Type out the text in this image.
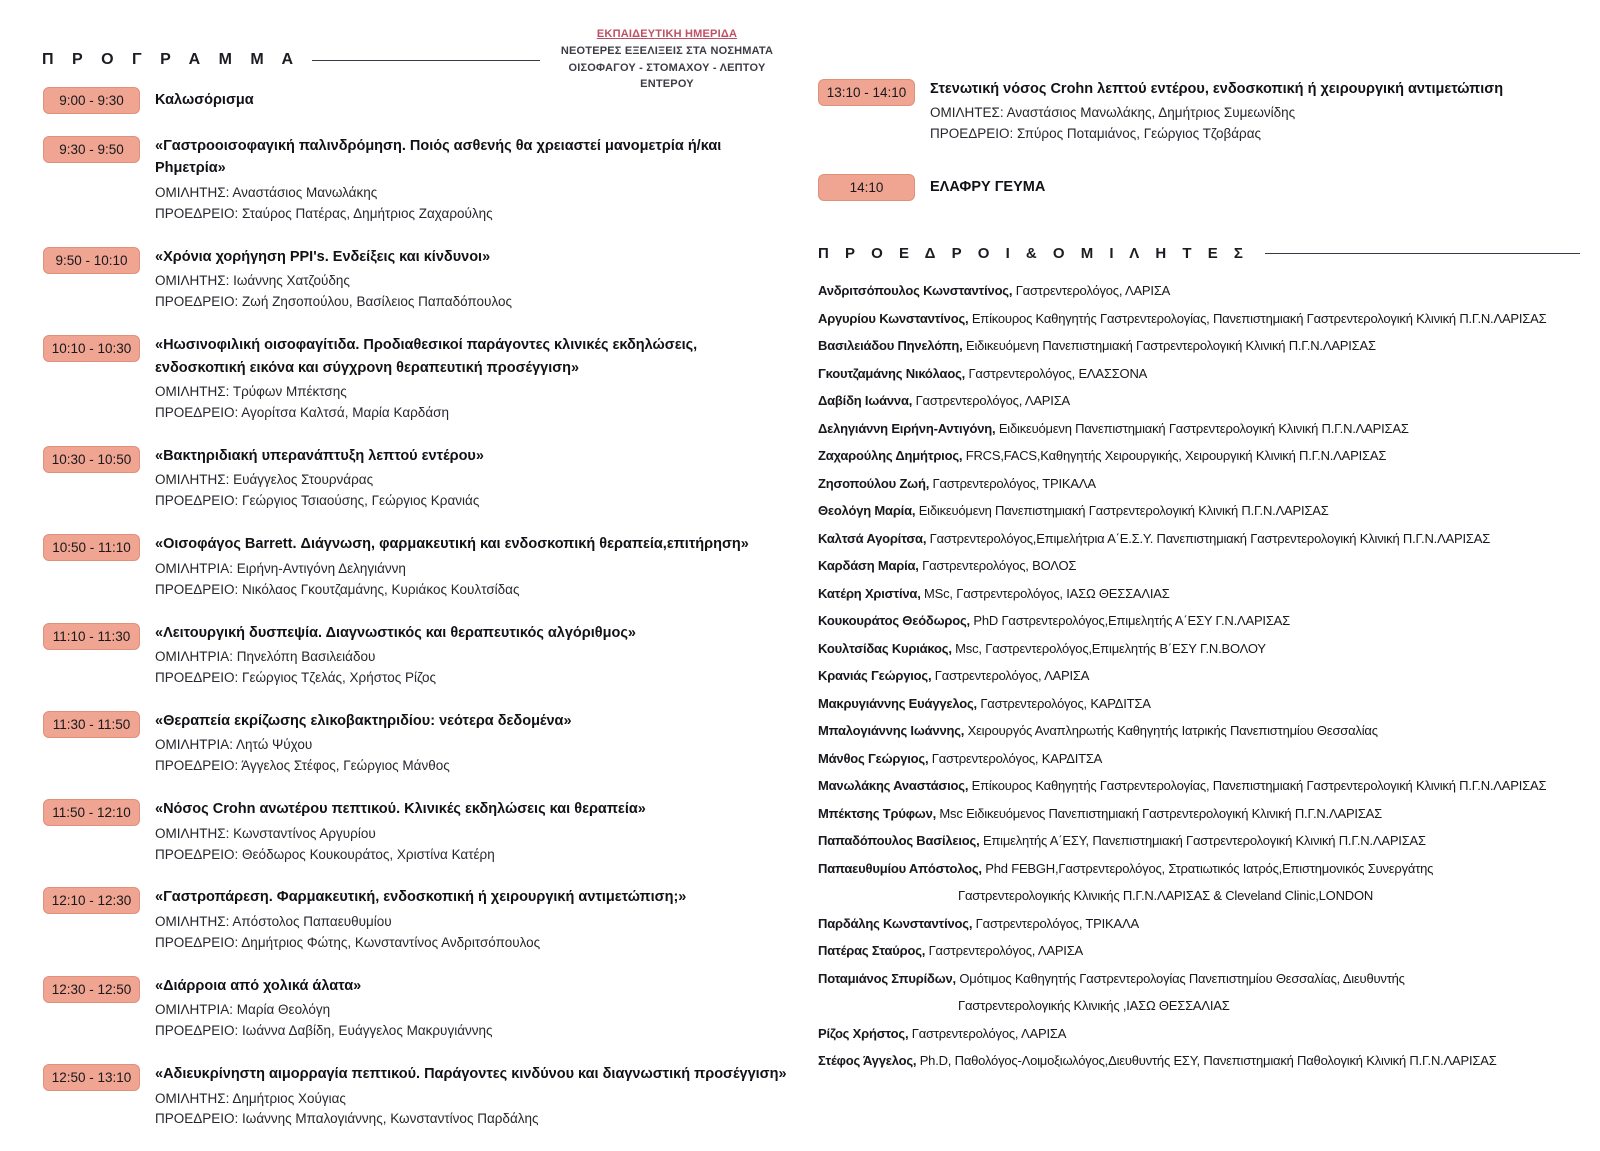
Π Ρ Ο Γ Ρ Α Μ Μ Α
ΕΚΠΑΙΔΕΥΤΙΚΗ ΗΜΕΡΙΔΑ
ΝΕΟΤΕΡΕΣ ΕΞΕΛΙΞΕΙΣ ΣΤΑ ΝΟΣΗΜΑΤΑ
ΟΙΣΟΦΑΓΟΥ - ΣΤΟΜΑΧΟΥ - ΛΕΠΤΟΥ ΕΝΤΕΡΟΥ
9:00 - 9:30	Καλωσόρισμα
9:30 - 9:50	«Γαστροοισοφαγική παλινδρόμηση. Ποιός ασθενής θα χρειαστεί μανομετρία ή/και Ρhμετρία»
ΟΜΙΛΗΤΗΣ: Αναστάσιος Μανωλάκης
ΠΡΟΕΔΡΕΙΟ: Σταύρος Πατέρας, Δημήτριος Ζαχαρούλης
9:50 - 10:10	«Χρόνια χορήγηση PPI's. Ενδείξεις και κίνδυνοι»
ΟΜΙΛΗΤΗΣ: Ιωάννης Χατζούδης
ΠΡΟΕΔΡΕΙΟ: Ζωή Ζησοπούλου, Βασίλειος Παπαδόπουλος
10:10 - 10:30	«Ηωσινοφιλική οισοφαγίτιδα. Προδιαθεσικοί παράγοντες κλινικές εκδηλώσεις, ενδοσκοπική εικόνα και σύγχρονη θεραπευτική προσέγγιση»
ΟΜΙΛΗΤΗΣ: Τρύφων Μπέκτσης
ΠΡΟΕΔΡΕΙΟ: Αγορίτσα Καλτσά, Μαρία Καρδάση
10:30 - 10:50	«Βακτηριδιακή υπερανάπτυξη λεπτού εντέρου»
ΟΜΙΛΗΤΗΣ: Ευάγγελος Στουρνάρας
ΠΡΟΕΔΡΕΙΟ: Γεώργιος Τσιαούσης, Γεώργιος Κρανιάς
10:50 - 11:10	«Οισοφάγος Barrett. Διάγνωση, φαρμακευτική και ενδοσκοπική θεραπεία,επιτήρηση»
ΟΜΙΛΗΤΡΙΑ: Ειρήνη-Αντιγόνη Δεληγιάννη
ΠΡΟΕΔΡΕΙΟ: Νικόλαος Γκουτζαμάνης, Κυριάκος Κουλτσίδας
11:10 - 11:30	«Λειτουργική δυσπεψία. Διαγνωστικός και θεραπευτικός αλγόριθμος»
ΟΜΙΛΗΤΡΙΑ: Πηνελόπη Βασιλειάδου
ΠΡΟΕΔΡΕΙΟ: Γεώργιος Τζελάς, Χρήστος Ρίζος
11:30 - 11:50	«Θεραπεία εκρίζωσης ελικοβακτηριδίου: νεότερα δεδομένα»
ΟΜΙΛΗΤΡΙΑ: Λητώ Ψύχου
ΠΡΟΕΔΡΕΙΟ: Άγγελος Στέφος, Γεώργιος Μάνθος
11:50 - 12:10	«Νόσος Crohn ανωτέρου πεπτικού. Κλινικές εκδηλώσεις και θεραπεία»
ΟΜΙΛΗΤΗΣ: Κωνσταντίνος Αργυρίου
ΠΡΟΕΔΡΕΙΟ: Θεόδωρος Κουκουράτος, Χριστίνα Κατέρη
12:10 - 12:30	«Γαστροπάρεση. Φαρμακευτική, ενδοσκοπική ή χειρουργική αντιμετώπιση;»
ΟΜΙΛΗΤΗΣ: Απόστολος Παπαευθυμίου
ΠΡΟΕΔΡΕΙΟ: Δημήτριος Φώτης, Κωνσταντίνος Ανδριτσόπουλος
12:30 - 12:50	«Διάρροια από χολικά άλατα»
ΟΜΙΛΗΤΡΙΑ: Μαρία Θεολόγη
ΠΡΟΕΔΡΕΙΟ: Ιωάννα Δαβίδη, Ευάγγελος Μακρυγιάννης
12:50 - 13:10	«Αδιευκρίνηστη αιμορραγία πεπτικού. Παράγοντες κινδύνου και διαγνωστική προσέγγιση»
ΟΜΙΛΗΤΗΣ: Δημήτριος Χούγιας
ΠΡΟΕΔΡΕΙΟ: Ιωάννης Μπαλογιάννης, Κωνσταντίνος Παρδάλης
13:10 - 14:10	Στενωτική νόσος Crohn λεπτού εντέρου, ενδοσκοπική ή χειρουργική αντιμετώπιση
ΟΜΙΛΗΤΕΣ: Αναστάσιος Μανωλάκης, Δημήτριος Συμεωνίδης
ΠΡΟΕΔΡΕΙΟ: Σπύρος Ποταμιάνος, Γεώργιος Τζοβάρας
14:10	ΕΛΑΦΡΥ ΓΕΥΜΑ
Π Ρ Ο Ε Δ Ρ Ο Ι & Ο Μ Ι Λ Η Τ Ε Σ
Ανδριτσόπουλος Κωνσταντίνος, Γαστρεντερολόγος, ΛΑΡΙΣΑ
Αργυρίου Κωνσταντίνος, Επίκουρος Καθηγητής Γαστρεντερολογίας, Πανεπιστημιακή Γαστρεντερολογική Κλινική Π.Γ.Ν.ΛΑΡΙΣΑΣ
Βασιλειάδου Πηνελόπη, Ειδικευόμενη Πανεπιστημιακή Γαστρεντερολογική Κλινική Π.Γ.Ν.ΛΑΡΙΣΑΣ
Γκουτζαμάνης Νικόλαος, Γαστρεντερολόγος, ΕΛΑΣΣΟΝΑ
Δαβίδη Ιωάννα, Γαστρεντερολόγος, ΛΑΡΙΣΑ
Δεληγιάννη Ειρήνη-Αντιγόνη, Ειδικευόμενη Πανεπιστημιακή Γαστρεντερολογική Κλινική Π.Γ.Ν.ΛΑΡΙΣΑΣ
Ζαχαρούλης Δημήτριος, FRCS,FACS,Καθηγητής Χειρουργικής, Χειρουργική Κλινική Π.Γ.Ν.ΛΑΡΙΣΑΣ
Ζησοπούλου Ζωή, Γαστρεντερολόγος, ΤΡΙΚΑΛΑ
Θεολόγη Μαρία, Ειδικευόμενη Πανεπιστημιακή Γαστρεντερολογική Κλινική Π.Γ.Ν.ΛΑΡΙΣΑΣ
Καλτσά Αγορίτσα, Γαστρεντερολόγος,Επιμελήτρια Α΄Ε.Σ.Υ. Πανεπιστημιακή Γαστρεντερολογική Κλινική Π.Γ.Ν.ΛΑΡΙΣΑΣ
Καρδάση Μαρία, Γαστρεντερολόγος, ΒΟΛΟΣ
Κατέρη Χριστίνα, MSc, Γαστρεντερολόγος, ΙΑΣΩ ΘΕΣΣΑΛΙΑΣ
Κουκουράτος Θεόδωρος, PhD Γαστρεντερολόγος,Επιμελητής Α΄ΕΣΥ Γ.Ν.ΛΑΡΙΣΑΣ
Κουλτσίδας Κυριάκος, Msc, Γαστρεντερολόγος,Επιμελητής Β΄ΕΣΥ Γ.Ν.ΒΟΛΟΥ
Κρανιάς Γεώργιος, Γαστρεντερολόγος, ΛΑΡΙΣΑ
Μακρυγιάννης Ευάγγελος, Γαστρεντερολόγος, ΚΑΡΔΙΤΣΑ
Μπαλογιάννης Ιωάννης, Χειρουργός Αναπληρωτής Καθηγητής Ιατρικής Πανεπιστημίου Θεσσαλίας
Μάνθος Γεώργιος, Γαστρεντερολόγος, ΚΑΡΔΙΤΣΑ
Μανωλάκης Αναστάσιος, Επίκουρος Καθηγητής Γαστρεντερολογίας, Πανεπιστημιακή Γαστρεντερολογική Κλινική Π.Γ.Ν.ΛΑΡΙΣΑΣ
Μπέκτσης Τρύφων, Msc Ειδικευόμενος Πανεπιστημιακή Γαστρεντερολογική Κλινική Π.Γ.Ν.ΛΑΡΙΣΑΣ
Παπαδόπουλος Βασίλειος, Επιμελητής Α΄ΕΣΥ, Πανεπιστημιακή Γαστρεντερολογική Κλινική Π.Γ.Ν.ΛΑΡΙΣΑΣ
Παπαευθυμίου Απόστολος, Phd FEBGH,Γαστρεντερολόγος, Στρατιωτικός Ιατρός,Επιστημονικός Συνεργάτης
Γαστρεντερολογικής Κλινικής Π.Γ.Ν.ΛΑΡΙΣΑΣ & Cleveland Clinic,LONDON
Παρδάλης Κωνσταντίνος, Γαστρεντερολόγος, ΤΡΙΚΑΛΑ
Πατέρας Σταύρος, Γαστρεντερολόγος, ΛΑΡΙΣΑ
Ποταμιάνος Σπυρίδων, Ομότιμος Καθηγητής Γαστρεντερολογίας Πανεπιστημίου Θεσσαλίας, Διευθυντής
Γαστρεντερολογικής Κλινικής ,ΙΑΣΩ ΘΕΣΣΑΛΙΑΣ
Ρίζος Χρήστος, Γαστρεντερολόγος, ΛΑΡΙΣΑ
Στέφος Άγγελος, Ph.D, Παθολόγος-Λοιμοξιωλόγος,Διευθυντής ΕΣΥ, Πανεπιστημιακή Παθολογική Κλινική Π.Γ.Ν.ΛΑΡΙΣΑΣ
